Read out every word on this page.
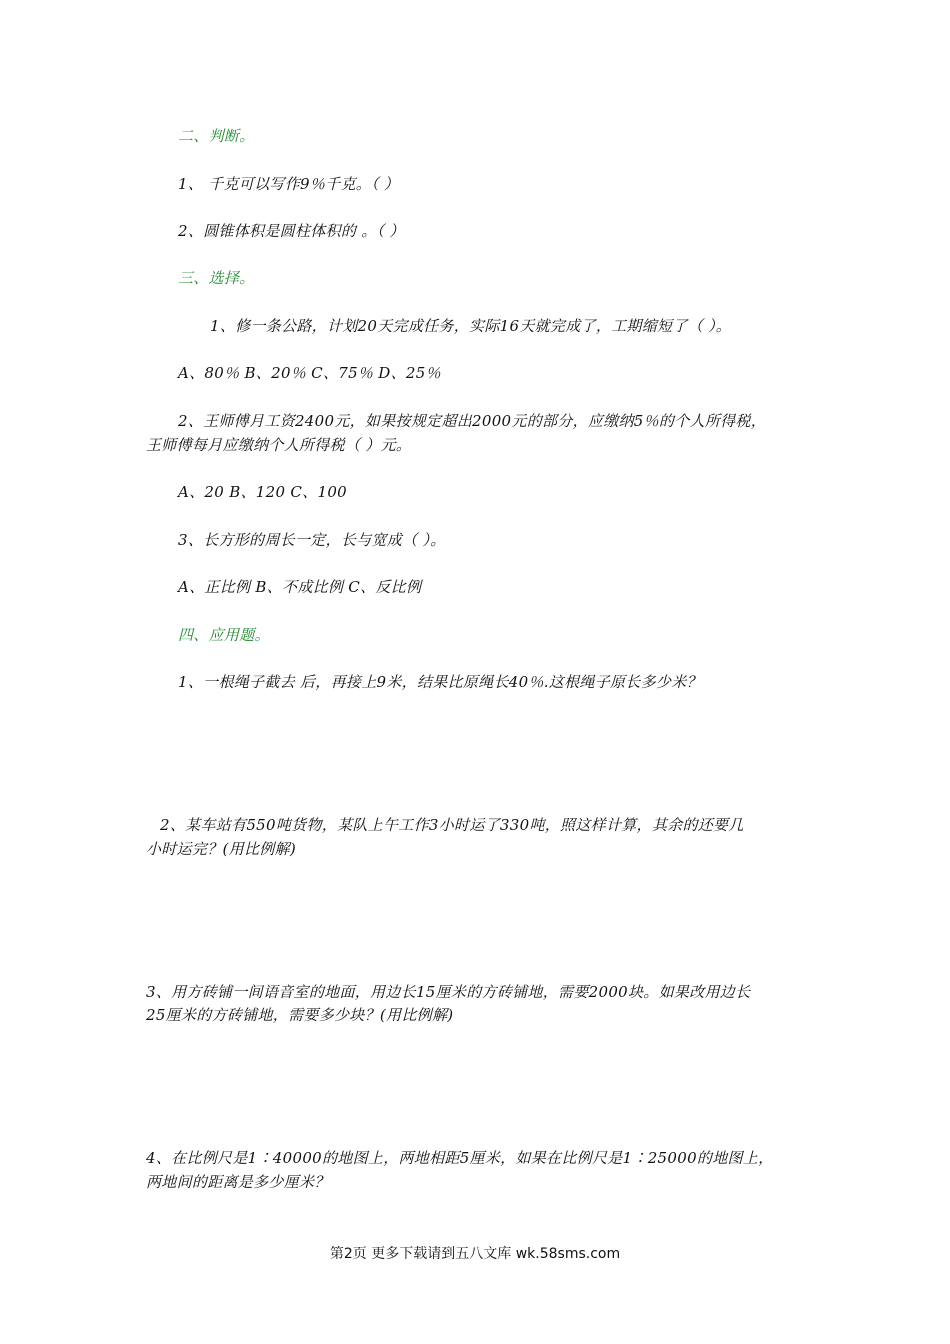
二、判断。
1、 千克可以写作9％千克。（ ）
2、圆锥体积是圆柱体积的 。（ ）
三、选择。
1、修一条公路，计划20天完成任务，实际16天就完成了，工期缩短了（ ）。
A、80％ B、20％ C、75％ D、25％
2、王师傅月工资2400元，如果按规定超出2000元的部分，应缴纳5％的个人所得税，
王师傅每月应缴纳个人所得税（ ）元。
A、20 B、120 C、100
3、长方形的周长一定，长与宽成（ ）。
A、正比例 B、不成比例 C、反比例
四、应用题。
1、一根绳子截去 后，再接上9米，结果比原绳长40％.这根绳子原长多少米？
2、某车站有550吨货物，某队上午工作3小时运了330吨，照这样计算，其余的还要几
小时运完？(用比例解)
3、用方砖铺一间语音室的地面，用边长15厘米的方砖铺地，需要2000块。如果改用边长
25厘米的方砖铺地，需要多少块？(用比例解)
4、在比例尺是1∶40000的地图上，两地相距5厘米，如果在比例尺是1∶25000的地图上，
两地间的距离是多少厘米？
第2页 更多下载请到五八文库 wk.58sms.com
